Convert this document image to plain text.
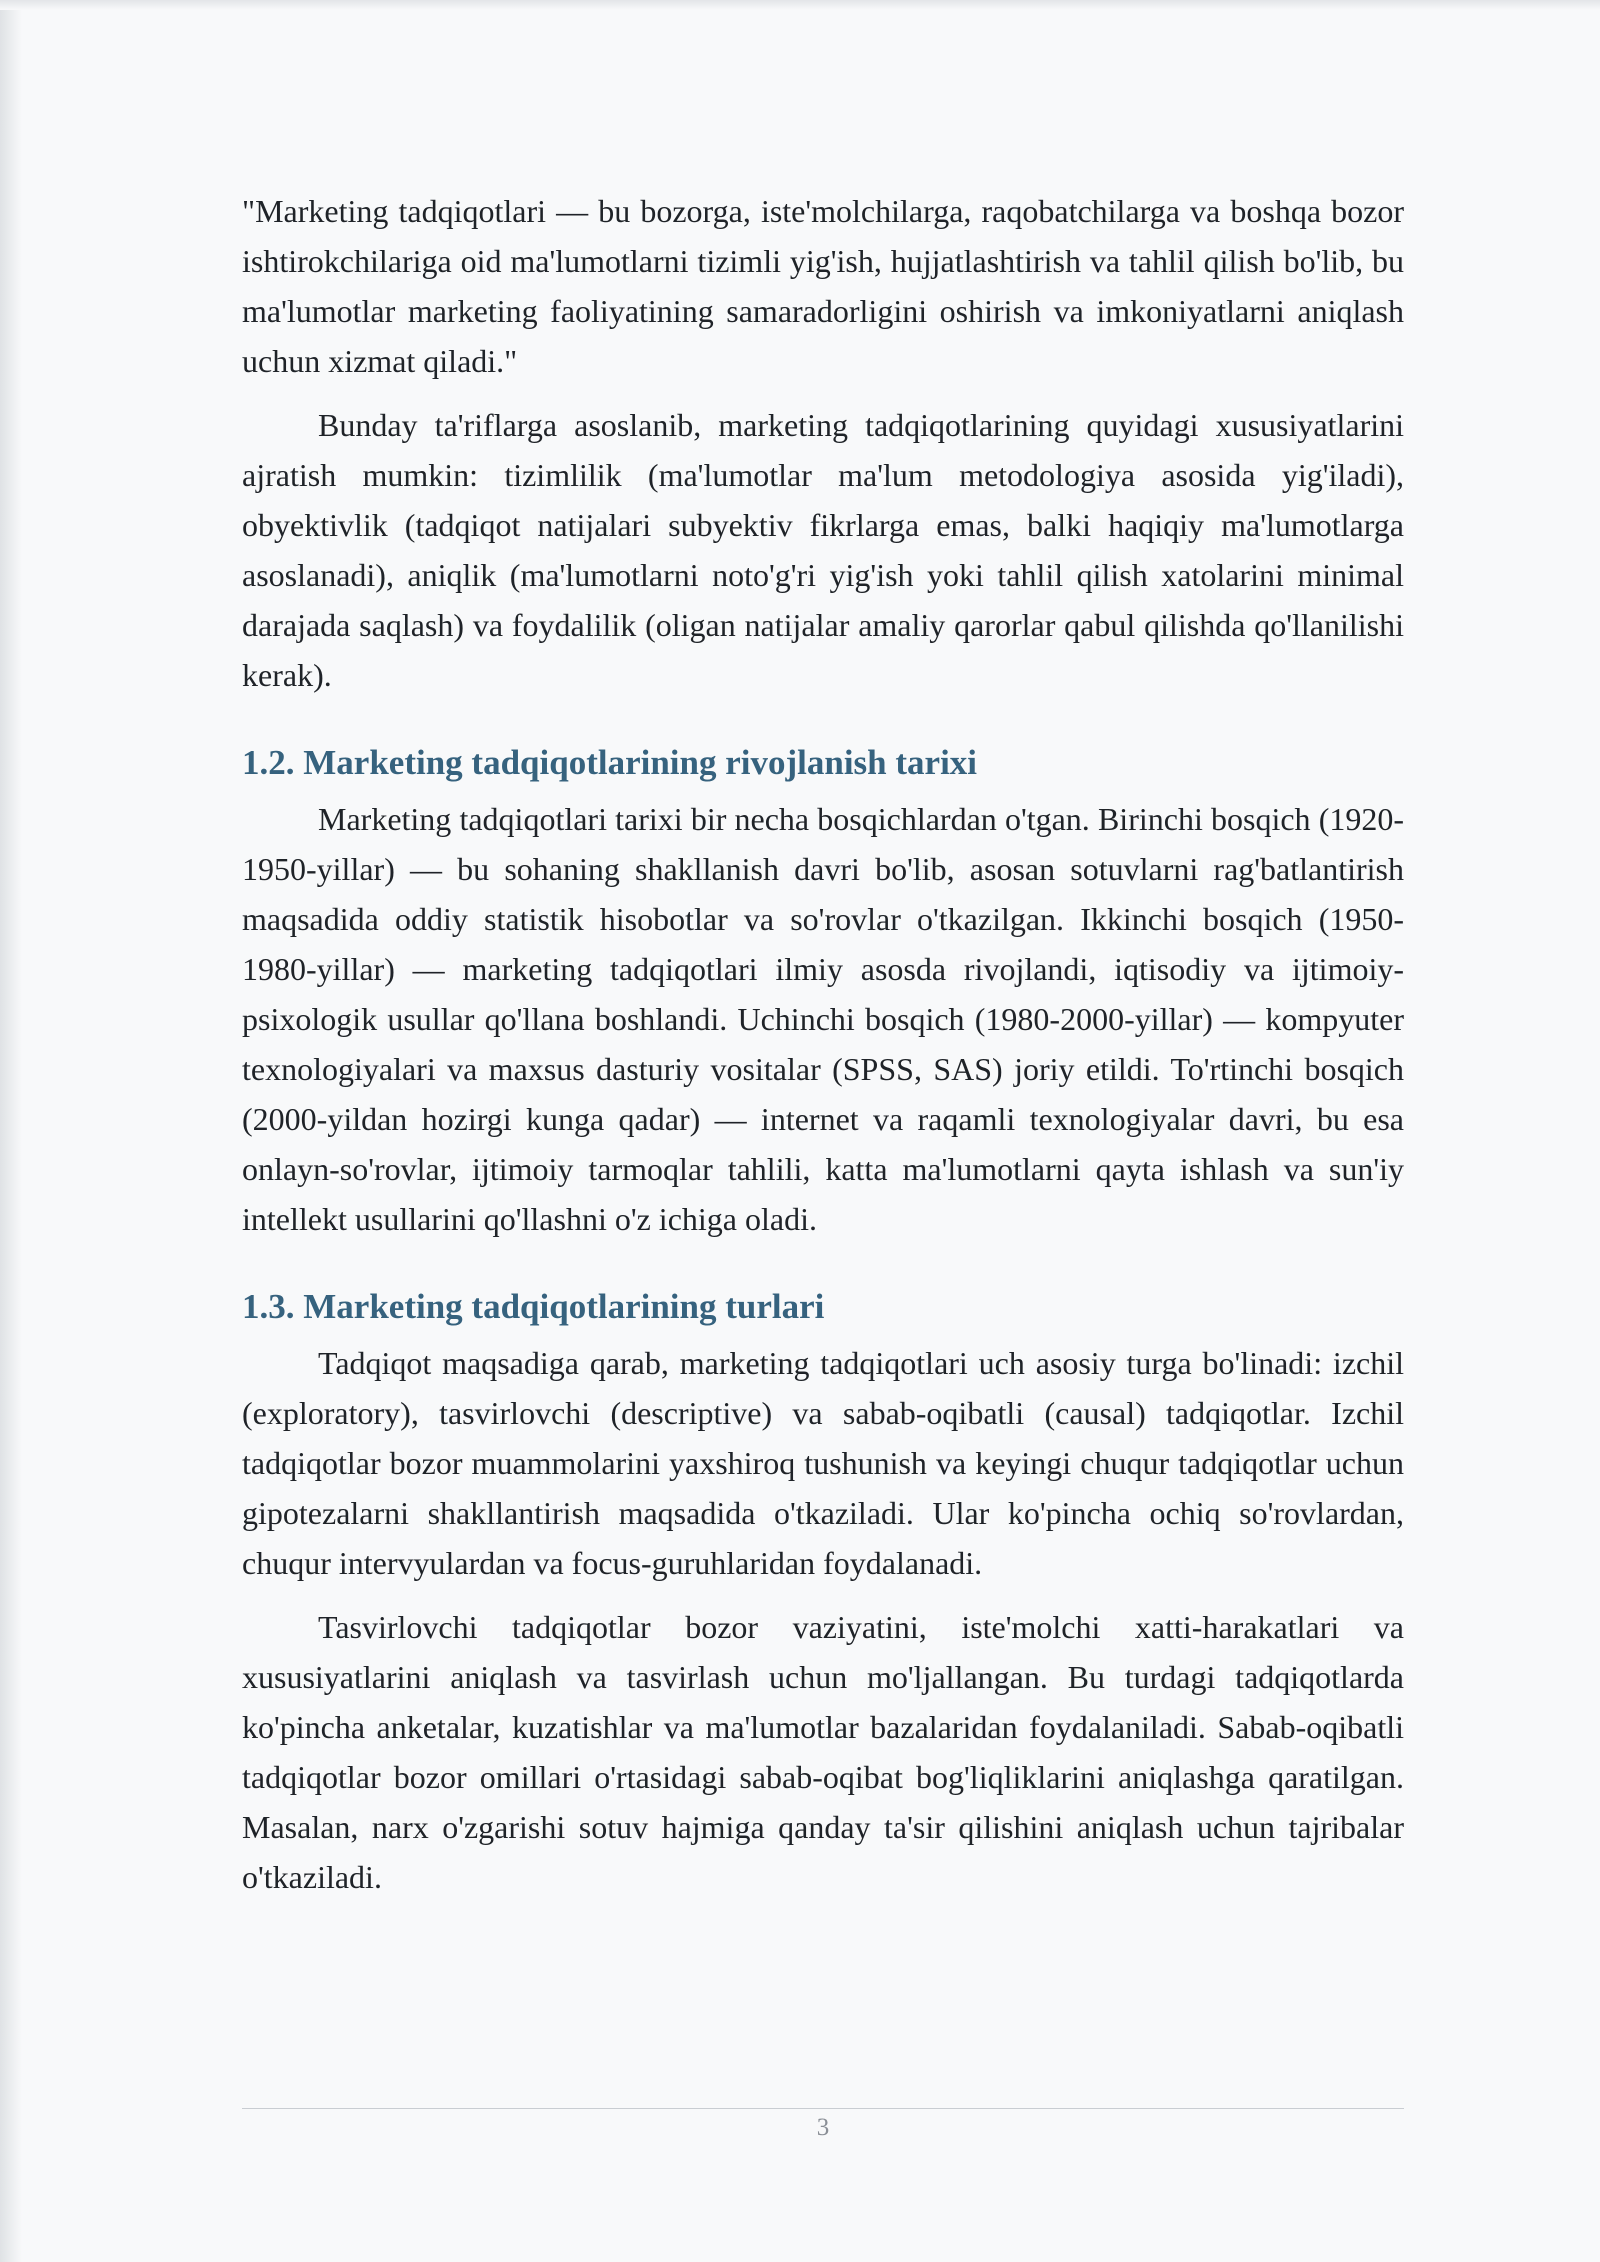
"Marketing tadqiqotlari — bu bozorga, iste'molchilarga, raqobatchilarga va boshqa bozor ishtirokchilariga oid ma'lumotlarni tizimli yig'ish, hujjatlashtirish va tahlil qilish bo'lib, bu ma'lumotlar marketing faoliyatining samaradorligini oshirish va imkoniyatlarni aniqlash uchun xizmat qiladi."

Bunday ta'riflarga asoslanib, marketing tadqiqotlarining quyidagi xususiyatlarini ajratish mumkin: tizimlilik (ma'lumotlar ma'lum metodologiya asosida yig'iladi), obyektivlik (tadqiqot natijalari subyektiv fikrlarga emas, balki haqiqiy ma'lumotlarga asoslanadi), aniqlik (ma'lumotlarni noto'g'ri yig'ish yoki tahlil qilish xatolarini minimal darajada saqlash) va foydalilik (oligan natijalar amaliy qarorlar qabul qilishda qo'llanilishi kerak).

1.2. Marketing tadqiqotlarining rivojlanish tarixi

Marketing tadqiqotlari tarixi bir necha bosqichlardan o'tgan. Birinchi bosqich (1920-1950-yillar) — bu sohaning shakllanish davri bo'lib, asosan sotuvlarni rag'batlantirish maqsadida oddiy statistik hisobotlar va so'rovlar o'tkazilgan. Ikkinchi bosqich (1950-1980-yillar) — marketing tadqiqotlari ilmiy asosda rivojlandi, iqtisodiy va ijtimoiy-psixologik usullar qo'llana boshlandi. Uchinchi bosqich (1980-2000-yillar) — kompyuter texnologiyalari va maxsus dasturiy vositalar (SPSS, SAS) joriy etildi. To'rtinchi bosqich (2000-yildan hozirgi kunga qadar) — internet va raqamli texnologiyalar davri, bu esa onlayn-so'rovlar, ijtimoiy tarmoqlar tahlili, katta ma'lumotlarni qayta ishlash va sun'iy intellekt usullarini qo'llashni o'z ichiga oladi.

1.3. Marketing tadqiqotlarining turlari

Tadqiqot maqsadiga qarab, marketing tadqiqotlari uch asosiy turga bo'linadi: izchil (exploratory), tasvirlovchi (descriptive) va sabab-oqibatli (causal) tadqiqotlar. Izchil tadqiqotlar bozor muammolarini yaxshiroq tushunish va keyingi chuqur tadqiqotlar uchun gipotezalarni shakllantirish maqsadida o'tkaziladi. Ular ko'pincha ochiq so'rovlardan, chuqur intervyulardan va focus-guruhlaridan foydalanadi.

Tasvirlovchi tadqiqotlar bozor vaziyatini, iste'molchi xatti-harakatlari va xususiyatlarini aniqlash va tasvirlash uchun mo'ljallangan. Bu turdagi tadqiqotlarda ko'pincha anketalar, kuzatishlar va ma'lumotlar bazalaridan foydalaniladi. Sabab-oqibatli tadqiqotlar bozor omillari o'rtasidagi sabab-oqibat bog'liqliklarini aniqlashga qaratilgan. Masalan, narx o'zgarishi sotuv hajmiga qanday ta'sir qilishini aniqlash uchun tajribalar o'tkaziladi.

3
